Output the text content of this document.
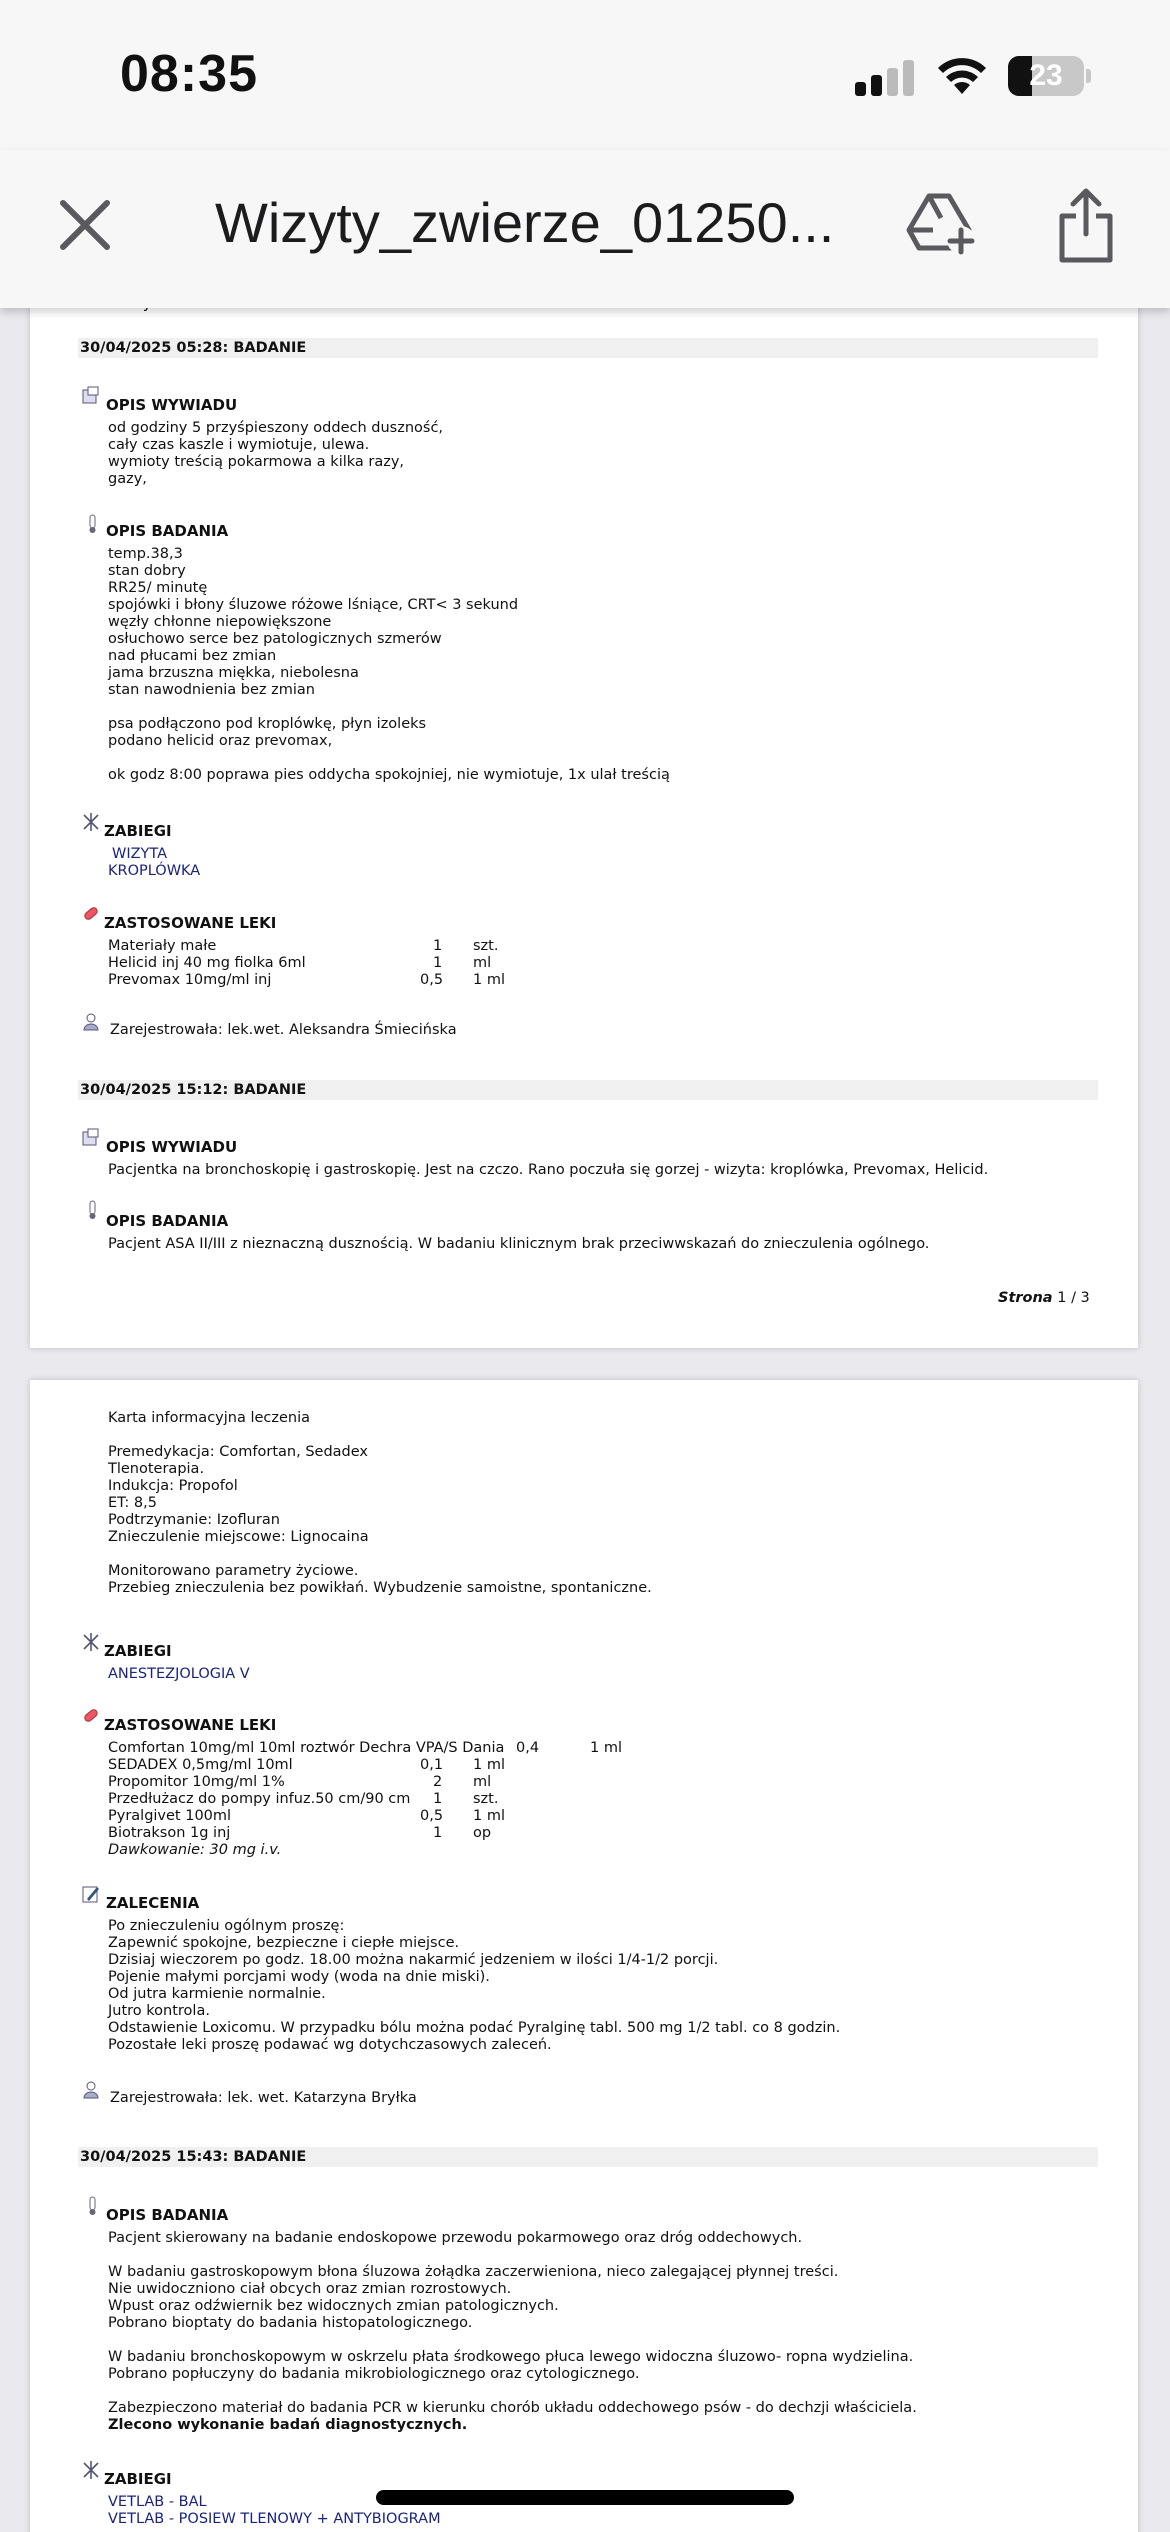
08:35	23
Wizyty_zwierze_01250...
30/04/2025 05:28: BADANIE
OPIS WYWIADU
od godziny 5 przyśpieszony oddech duszność,
cały czas kaszle i wymiotuje, ulewa.
wymioty treścią pokarmowa a kilka razy,
gazy,
OPIS BADANIA
temp.38,3
stan dobry
RR25/ minutę
spojówki i błony śluzowe różowe lśniące, CRT< 3 sekund
węzły chłonne niepowiększone
osłuchowo serce bez patologicznych szmerów
nad płucami bez zmian
jama brzuszna miękka, niebolesna
stan nawodnienia bez zmian
psa podłączono pod kroplówkę, płyn izoleks
podano helicid oraz prevomax,
ok godz 8:00 poprawa pies oddycha spokojniej, nie wymiotuje, 1x ulał treścią
ZABIEGI
WIZYTA
KROPLÓWKA
ZASTOSOWANE LEKI
Materiały małe	1 szt.
Helicid inj 40 mg fiolka 6ml	1 ml
Prevomax 10mg/ml inj	0,5 1 ml
Zarejestrowała: lek.wet. Aleksandra Śmiecińska
30/04/2025 15:12: BADANIE
OPIS WYWIADU
Pacjentka na bronchoskopię i gastroskopię. Jest na czczo. Rano poczuła się gorzej - wizyta: kroplówka, Prevomax, Helicid.
OPIS BADANIA
Pacjent ASA II/III z nieznaczną dusznością. W badaniu klinicznym brak przeciwwskazań do znieczulenia ogólnego.
Strona 1 / 3
Karta informacyjna leczenia
Premedykacja: Comfortan, Sedadex
Tlenoterapia.
Indukcja: Propofol
ET: 8,5
Podtrzymanie: Izofluran
Znieczulenie miejscowe: Lignocaina
Monitorowano parametry życiowe.
Przebieg znieczulenia bez powikłań. Wybudzenie samoistne, spontaniczne.
ZABIEGI
ANESTEZJOLOGIA V
ZASTOSOWANE LEKI
Comfortan 10mg/ml 10ml roztwór Dechra VPA/S Dania 0,4	1 ml
SEDADEX 0,5mg/ml 10ml	0,1 1 ml
Propomitor 10mg/ml 1%	2 ml
Przedłużacz do pompy infuz.50 cm/90 cm 1 szt.
Pyralgivet 100ml	0,5 1 ml
Biotrakson 1g inj	1 op
Dawkowanie: 30 mg i.v.
ZALECENIA
Po znieczuleniu ogólnym proszę:
Zapewnić spokojne, bezpieczne i ciepłe miejsce.
Dzisiaj wieczorem po godz. 18.00 można nakarmić jedzeniem w ilości 1/4-1/2 porcji.
Pojenie małymi porcjami wody (woda na dnie miski).
Od jutra karmienie normalnie.
Jutro kontrola.
Odstawienie Loxicomu. W przypadku bólu można podać Pyralginę tabl. 500 mg 1/2 tabl. co 8 godzin.
Pozostałe leki proszę podawać wg dotychczasowych zaleceń.
Zarejestrowała: lek. wet. Katarzyna Bryłka
30/04/2025 15:43: BADANIE
OPIS BADANIA
Pacjent skierowany na badanie endoskopowe przewodu pokarmowego oraz dróg oddechowych.
W badaniu gastroskopowym błona śluzowa żołądka zaczerwieniona, nieco zalegającej płynnej treści.
Nie uwidoczniono ciał obcych oraz zmian rozrostowych.
Wpust oraz odźwiernik bez widocznych zmian patologicznych.
Pobrano bioptaty do badania histopatologicznego.
W badaniu bronchoskopowym w oskrzelu płata środkowego płuca lewego widoczna śluzowo- ropna wydzielina.
Pobrano popłuczyny do badania mikrobiologicznego oraz cytologicznego.
Zabezpieczono materiał do badania PCR w kierunku chorób układu oddechowego psów - do dechzji właściciela.
Zlecono wykonanie badań diagnostycznych.
ZABIEGI
VETLAB - BAL
VETLAB - POSIEW TLENOWY + ANTYBIOGRAM
